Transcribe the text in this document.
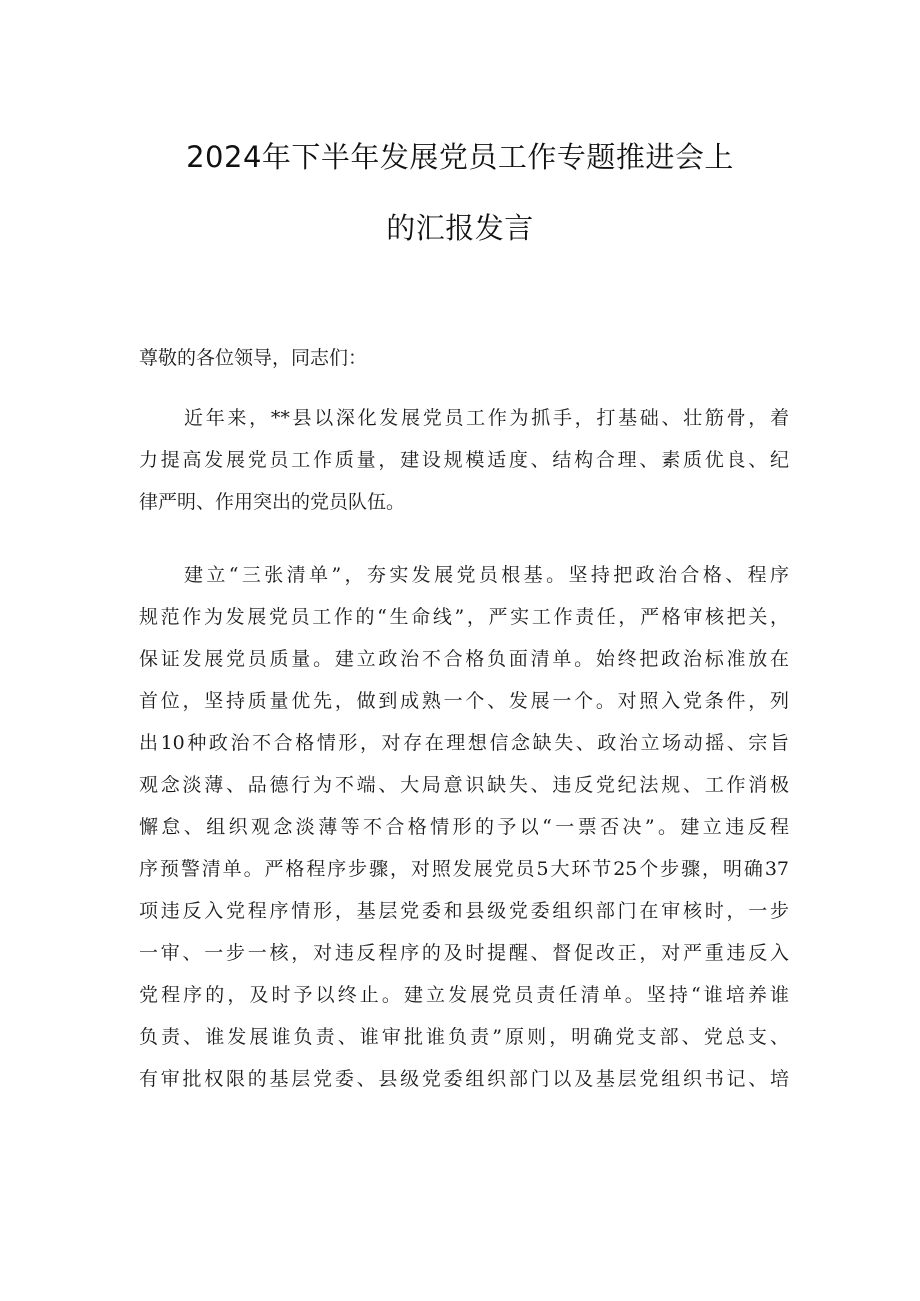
2024年下半年发展党员工作专题推进会上
的汇报发言
尊敬的各位领导，同志们：
近年来，**县以深化发展党员工作为抓手，打基础、壮筋骨，着
力提高发展党员工作质量，建设规模适度、结构合理、素质优良、纪
律严明、作用突出的党员队伍。
建立“三张清单”，夯实发展党员根基。坚持把政治合格、程序
规范作为发展党员工作的“生命线”，严实工作责任，严格审核把关，
保证发展党员质量。建立政治不合格负面清单。始终把政治标准放在
首位，坚持质量优先，做到成熟一个、发展一个。对照入党条件，列
出10种政治不合格情形，对存在理想信念缺失、政治立场动摇、宗旨
观念淡薄、品德行为不端、大局意识缺失、违反党纪法规、工作消极
懈怠、组织观念淡薄等不合格情形的予以“一票否决”。建立违反程
序预警清单。严格程序步骤，对照发展党员5大环节25个步骤，明确37
项违反入党程序情形，基层党委和县级党委组织部门在审核时，一步
一审、一步一核，对违反程序的及时提醒、督促改正，对严重违反入
党程序的，及时予以终止。建立发展党员责任清单。坚持“谁培养谁
负责、谁发展谁负责、谁审批谁负责”原则，明确党支部、党总支、
有审批权限的基层党委、县级党委组织部门以及基层党组织书记、培
